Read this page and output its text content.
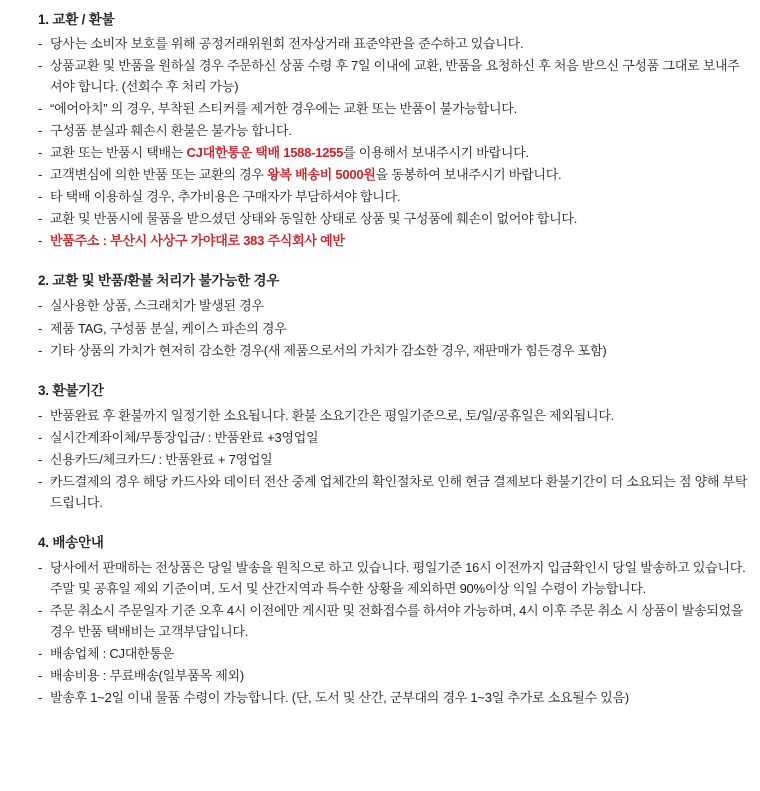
1. 교환 / 환불
- 당사는 소비자 보호를 위해 공정거래위원회 전자상거래 표준약관을 준수하고 있습니다.
- 상품교환 및 반품을 원하실 경우 주문하신 상품 수령 후 7일 이내에 교환, 반품을 요청하신 후 처음 받으신 구성품 그대로 보내주셔야 합니다. (선회수 후 처리 가능)
- “에어아치” 의 경우, 부착된 스티커를 제거한 경우에는 교환 또는 반품이 불가능합니다.
- 구성품 분실과 훼손시 환불은 불가능 합니다.
- 교환 또는 반품시 택배는 CJ대한통운 택배 1588-1255를 이용해서 보내주시기 바랍니다.
- 고객변심에 의한 반품 또는 교환의 경우 왕복 배송비 5000원을 동봉하여 보내주시기 바랍니다.
- 타 택배 이용하실 경우, 추가비용은 구매자가 부담하셔야 합니다.
- 교환 및 반품시에 물품을 받으셨던 상태와 동일한 상태로 상품 및 구성품에 훼손이 없어야 합니다.
- 반품주소 : 부산시 사상구 가야대로 383 주식회사 예반
2. 교환 및 반품/환불 처리가 불가능한 경우
- 실사용한 상품, 스크래치가 발생된 경우
- 제품 TAG, 구성품 분실, 케이스 파손의 경우
- 기타 상품의 가치가 현저히 감소한 경우(새 제품으로서의 가치가 감소한 경우, 재판매가 힘든경우 포함)
3. 환불기간
- 반품완료 후 환불까지 일정기한 소요됩니다. 환불 소요기간은 평일기준으로, 토/일/공휴일은 제외됩니다.
- 실시간계좌이체/무통장입금/ : 반품완료 +3영업일
- 신용카드/체크카드/ : 반품완료 + 7영업일
- 카드결제의 경우 해당 카드사와 데이터 전산 중계 업체간의 확인절차로 인해 현금 결제보다 환불기간이 더 소요되는 점 양해 부탁드립니다.
4. 배송안내
- 당사에서 판매하는 전상품은 당일 발송을 원칙으로 하고 있습니다. 평일기준 16시 이전까지 입금확인시 당일 발송하고 있습니다. 주말 및 공휴일 제외 기준이며, 도서 및 산간지역과 특수한 상황을 제외하면 90%이상 익일 수령이 가능합니다.
- 주문 취소시 주문일자 기준 오후 4시 이전에만 게시판 및 전화접수를 하셔야 가능하며, 4시 이후 주문 취소 시 상품이 발송되었을 경우 반품 택배비는 고객부담입니다.
- 배송업체 : CJ대한통운
- 배송비용 : 무료배송(일부품목 제외)
- 발송후 1~2일 이내 물품 수령이 가능합니다. (단, 도서 및 산간, 군부대의 경우 1~3일 추가로 소요될수 있음)
